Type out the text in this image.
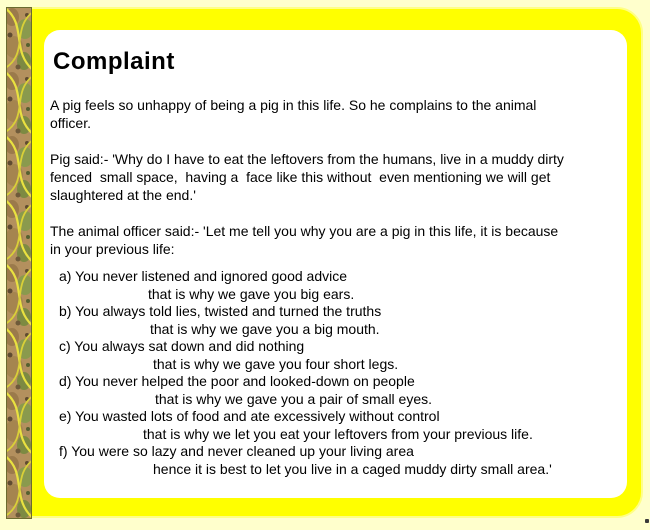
Complaint
A pig feels so unhappy of being a pig in this life. So he complains to the animal
officer.
Pig said:- 'Why do I have to eat the leftovers from the humans, live in a muddy dirty
fenced  small space,  having a  face like this without  even mentioning we will get
slaughtered at the end.'
The animal officer said:- 'Let me tell you why you are a pig in this life, it is because
in your previous life:
a) You never listened and ignored good advice
that is why we gave you big ears.
b) You always told lies, twisted and turned the truths
that is why we gave you a big mouth.
c) You always sat down and did nothing
that is why we gave you four short legs.
d) You never helped the poor and looked-down on people
that is why we gave you a pair of small eyes.
e) You wasted lots of food and ate excessively without control
that is why we let you eat your leftovers from your previous life.
f) You were so lazy and never cleaned up your living area
hence it is best to let you live in a caged muddy dirty small area.'
